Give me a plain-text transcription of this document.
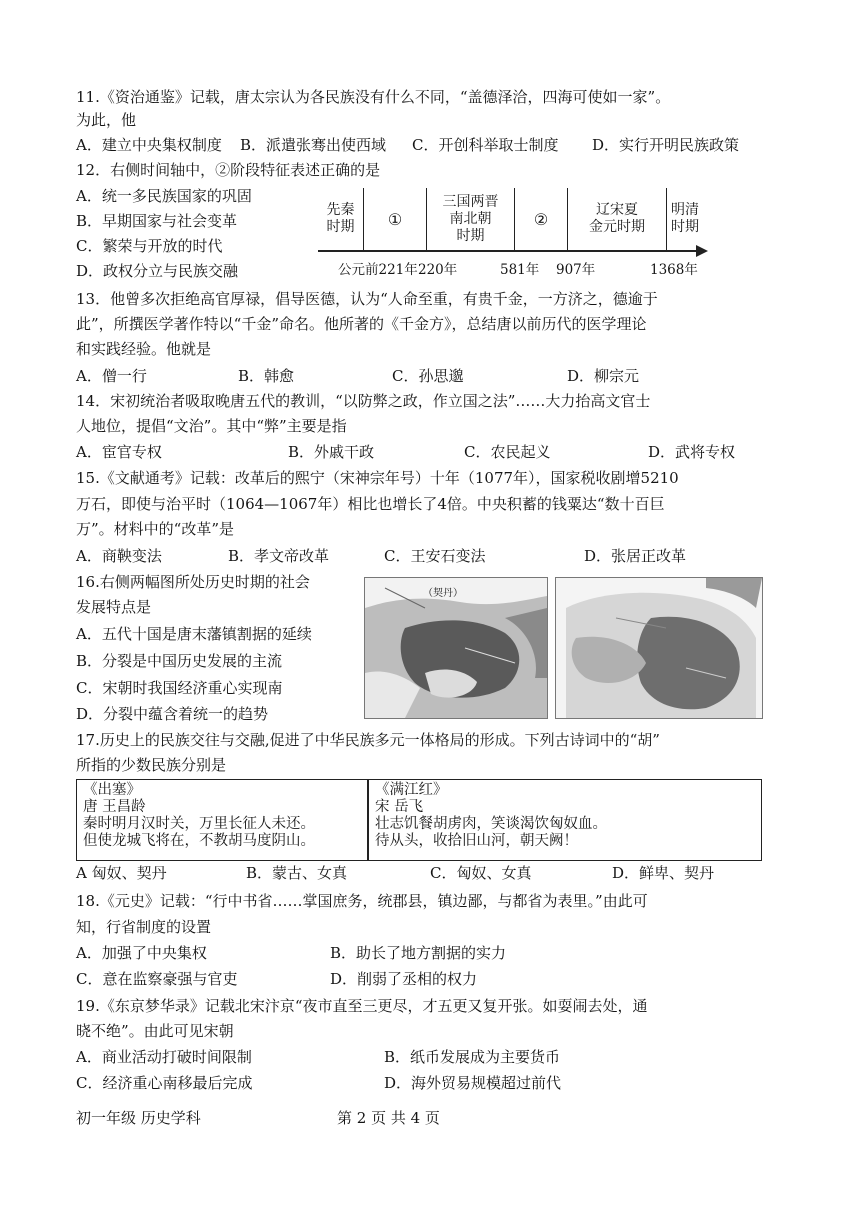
11.《资治通鉴》记载，唐太宗认为各民族没有什么不同，“盖德泽洽，四海可使如一家”。
为此，他
A．建立中央集权制度 B．派遣张骞出使西域 C．开创科举取士制度 D．实行开明民族政策
12．右侧时间轴中，②阶段特征表述正确的是
A．统一多民族国家的巩固
B．早期国家与社会变革
C．繁荣与开放的时代
D．政权分立与民族交融
先秦
时期	①
三国两晋
南北朝
时期
②	辽宋夏
金元时期
明清
时期
公元前221年 220年	581年 907年	1368年
13．他曾多次拒绝高官厚禄，倡导医德，认为“人命至重，有贵千金，一方济之，德逾于
此”，所撰医学著作特以“千金”命名。他所著的《千金方》，总结唐以前历代的医学理论
和实践经验。他就是
A．僧一行	B．韩愈	C．孙思邈	D．柳宗元
14．宋初统治者吸取晚唐五代的教训，“以防弊之政，作立国之法”……大力抬高文官士
人地位，提倡“文治”。其中“弊”主要是指
A．宦官专权	B．外戚干政	C．农民起义	D．武将专权
15.《文献通考》记载：改革后的熙宁（宋神宗年号）十年（1077年），国家税收剧增5210
万石，即使与治平时（1064—1067年）相比也增长了4倍。中央积蓄的钱粟达“数十百巨
万”。材料中的“改革”是
A．商鞅变法	B．孝文帝改革	C．王安石变法	D．张居正改革
16.右侧两幅图所处历史时期的社会
发展特点是
A．五代十国是唐末藩镇割据的延续
B．分裂是中国历史发展的主流
C．宋朝时我国经济重心实现南
D．分裂中蕴含着统一的趋势
（契丹）
17.历史上的民族交往与交融,促进了中华民族多元一体格局的形成。下列古诗词中的“胡”
所指的少数民族分别是
《出塞》
唐 王昌龄
秦时明月汉时关，万里长征人未还。
但使龙城飞将在，不教胡马度阴山。
《满江红》
宋 岳飞
壮志饥餐胡虏肉，笑谈渴饮匈奴血。
待从头，收拾旧山河，朝天阙！
A 匈奴、契丹	B．蒙古、女真	C．匈奴、女真	D．鲜卑、契丹
18.《元史》记载：“行中书省……掌国庶务，统郡县，镇边鄙，与都省为表里。”由此可
知，行省制度的设置
A．加强了中央集权	B．助长了地方割据的实力
C．意在监察豪强与官吏	D．削弱了丞相的权力
19.《东京梦华录》记载北宋汴京“夜市直至三更尽，才五更又复开张。如耍闹去处，通
晓不绝”。由此可见宋朝
A．商业活动打破时间限制	B．纸币发展成为主要货币
C．经济重心南移最后完成	D．海外贸易规模超过前代
初一年级 历史学科	第 2 页 共 4 页
